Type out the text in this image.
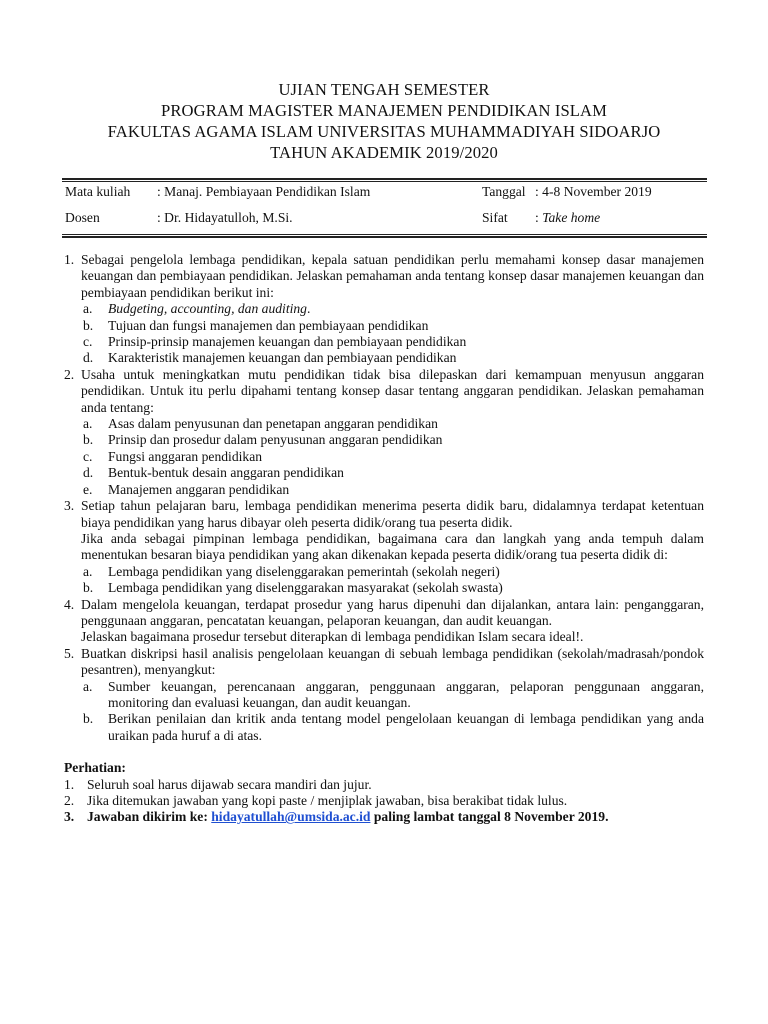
UJIAN TENGAH SEMESTER
PROGRAM MAGISTER MANAJEMEN PENDIDIKAN ISLAM
FAKULTAS AGAMA ISLAM UNIVERSITAS MUHAMMADIYAH SIDOARJO
TAHUN AKADEMIK 2019/2020
Mata kuliah : Manaj. Pembiayaan Pendidikan Islam	Tanggal : 4-8 November 2019
Dosen	: Dr. Hidayatulloh, M.Si.	Sifat : Take home
1. Sebagai pengelola lembaga pendidikan, kepala satuan pendidikan perlu memahami konsep dasar manajemen keuangan dan pembiayaan pendidikan. Jelaskan pemahaman anda tentang konsep dasar manajemen keuangan dan pembiayaan pendidikan berikut ini:
a. Budgeting, accounting, dan auditing.
b. Tujuan dan fungsi manajemen dan pembiayaan pendidikan
c. Prinsip-prinsip manajemen keuangan dan pembiayaan pendidikan
d. Karakteristik manajemen keuangan dan pembiayaan pendidikan
2. Usaha untuk meningkatkan mutu pendidikan tidak bisa dilepaskan dari kemampuan menyusun anggaran pendidikan. Untuk itu perlu dipahami tentang konsep dasar tentang anggaran pendidikan. Jelaskan pemahaman anda tentang:
a. Asas dalam penyusunan dan penetapan anggaran pendidikan
b. Prinsip dan prosedur dalam penyusunan anggaran pendidikan
c. Fungsi anggaran pendidikan
d. Bentuk-bentuk desain anggaran pendidikan
e. Manajemen anggaran pendidikan
3. Setiap tahun pelajaran baru, lembaga pendidikan menerima peserta didik baru, didalamnya terdapat ketentuan biaya pendidikan yang harus dibayar oleh peserta didik/orang tua peserta didik.
Jika anda sebagai pimpinan lembaga pendidikan, bagaimana cara dan langkah yang anda tempuh dalam menentukan besaran biaya pendidikan yang akan dikenakan kepada peserta didik/orang tua peserta didik di:
a. Lembaga pendidikan yang diselenggarakan pemerintah (sekolah negeri)
b. Lembaga pendidikan yang diselenggarakan masyarakat (sekolah swasta)
4. Dalam mengelola keuangan, terdapat prosedur yang harus dipenuhi dan dijalankan, antara lain: penganggaran, penggunaan anggaran, pencatatan keuangan, pelaporan keuangan, dan audit keuangan.
Jelaskan bagaimana prosedur tersebut diterapkan di lembaga pendidikan Islam secara ideal!.
5. Buatkan diskripsi hasil analisis pengelolaan keuangan di sebuah lembaga pendidikan (sekolah/madrasah/pondok pesantren), menyangkut:
a. Sumber keuangan, perencanaan anggaran, penggunaan anggaran, pelaporan penggunaan anggaran, monitoring dan evaluasi keuangan, dan audit keuangan.
b. Berikan penilaian dan kritik anda tentang model pengelolaan keuangan di lembaga pendidikan yang anda uraikan pada huruf a di atas.
Perhatian:
1. Seluruh soal harus dijawab secara mandiri dan jujur.
2. Jika ditemukan jawaban yang kopi paste / menjiplak jawaban, bisa berakibat tidak lulus.
3. Jawaban dikirim ke: hidayatullah@umsida.ac.id paling lambat tanggal 8 November 2019.
